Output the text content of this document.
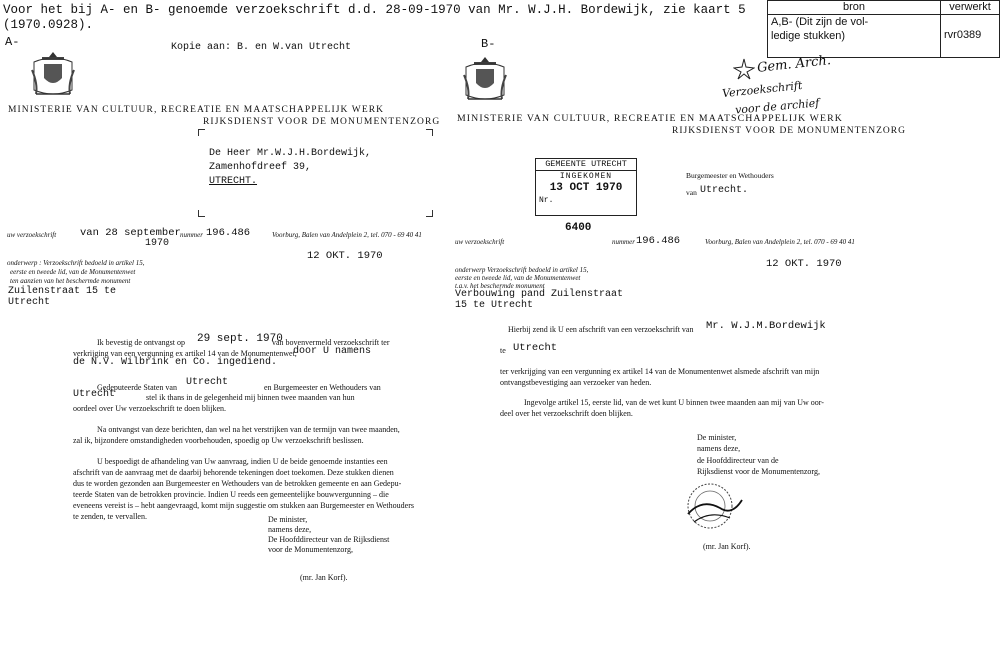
Voor het bij A- en B- genoemde verzoekschrift d.d. 28-09-1970 van Mr. W.J.H. Bordewijk, zie kaart 5
(1970.0928).
bron	verwerkt
A,B- (Dit zijn de vol-
ledige stukken)	rvr0389
A-	Kopie aan: B. en W.van Utrecht
MINISTERIE VAN CULTUUR, RECREATIE EN MAATSCHAPPELIJK WERK
RIJKSDIENST VOOR DE MONUMENTENZORG
De Heer Mr.W.J.H.Bordewijk,
Zamenhofdreef 39,
UTRECHT.
uw verzoekschrift van 28 september
1970
nummer 196.486	Voorburg, Balen van Andelplein 2, tel. 070 - 69 40 41
12 OKT. 1970
onderwerp : Verzoekschrift bedoeld in artikel 15,
eerste en tweede lid, van de Monumentenwet
ten aanzien van het beschermde monument
Zuilenstraat 15 te
Utrecht
Ik bevestig de ontvangst op 29 sept. 1970
van bovenvermeld verzoekschrift ter
verkrijging van een vergunning ex artikel 14 van de Monumentenwet,
door U namens
de N.V. Wilbrink en Co. ingediend.
Gedeputeerde Staten van Utrecht	en Burgemeester en Wethouders van
Utrecht	stel ik thans in de gelegenheid mij binnen twee maanden van hun
oordeel over Uw verzoekschrift te doen blijken.
Na ontvangst van deze berichten, dan wel na het verstrijken van de termijn van twee maanden,
zal ik, bijzondere omstandigheden voorbehouden, spoedig op Uw verzoekschrift beslissen.
U bespoedigt de afhandeling van Uw aanvraag, indien U de beide genoemde instanties een
afschrift van de aanvraag met de daarbij behorende tekeningen doet toekomen. Deze stukken dienen
dus te worden gezonden aan Burgemeester en Wethouders van de betrokken gemeente en aan Gedepu-
teerde Staten van de betrokken provincie. Indien U reeds een gemeentelijke bouwvergunning – die
eveneens vereist is – hebt aangevraagd, komt mijn suggestie om stukken aan Burgemeester en Wethouders
te zenden, te vervallen.	De minister,
namens deze,
De Hoofddirecteur van de Rijksdienst
voor de Monumentenzorg,
(mr. Jan Korf).
B-
Gem. Arch.
Verzoekschrift
voor de archief
MINISTERIE VAN CULTUUR, RECREATIE EN MAATSCHAPPELIJK WERK
RIJKSDIENST VOOR DE MONUMENTENZORG
GEMEENTE UTRECHT
INGEKOMEN
13 OCT 1970
Nr.
6400
Burgemeester en Wethouders
van Utrecht.
uw verzoekschrift	nummer 196.486	Voorburg, Balen van Andelplein 2, tel. 070 - 69 40 41
12 OKT. 1970
onderwerp Verzoekschrift bedoeld in artikel 15,
eerste en tweede lid, van de Monumentenwet
t.a.v. het beschermde monument
Verbouwing pand Zuilenstraat
15 te Utrecht
Hierbij zend ik U een afschrift van een verzoekschrift van Mr. W.J.M.Bordewijk
te Utrecht
ter verkrijging van een vergunning ex artikel 14 van de Monumentenwet alsmede afschrift van mijn
ontvangstbevestiging aan verzoeker van heden.
Ingevolge artikel 15, eerste lid, van de wet kunt U binnen twee maanden aan mij van Uw oor-
deel over het verzoekschrift doen blijken.
De minister,
namens deze,
de Hoofddirecteur van de
Rijksdienst voor de Monumentenzorg,
(mr. Jan Korf).
